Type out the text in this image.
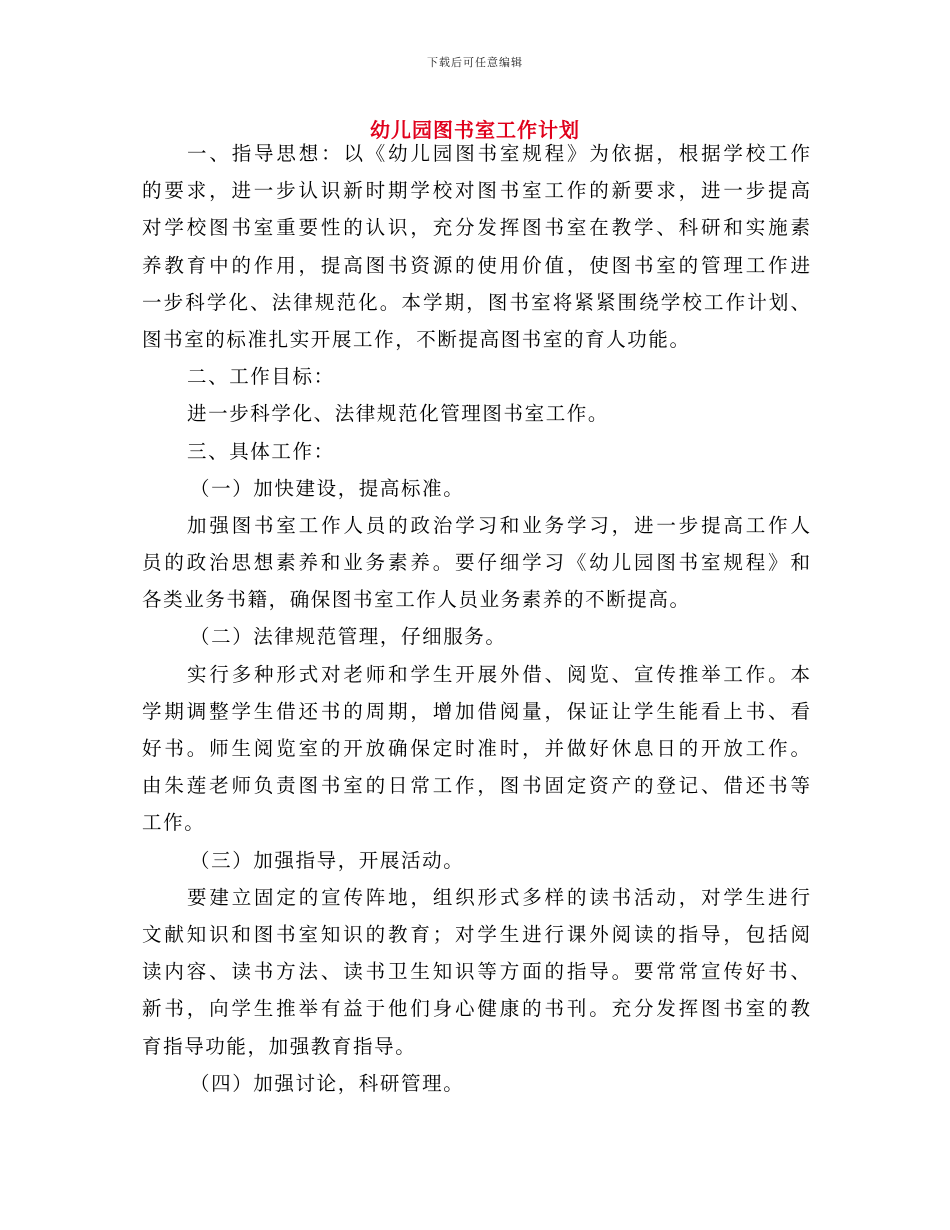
下载后可任意编辑
幼儿园图书室工作计划
一、指导思想：以《幼儿园图书室规程》为依据，根据学校工作
的要求，进一步认识新时期学校对图书室工作的新要求，进一步提高
对学校图书室重要性的认识，充分发挥图书室在教学、科研和实施素
养教育中的作用，提高图书资源的使用价值，使图书室的管理工作进
一步科学化、法律规范化。本学期，图书室将紧紧围绕学校工作计划、
图书室的标准扎实开展工作，不断提高图书室的育人功能。
二、工作目标：
进一步科学化、法律规范化管理图书室工作。
三、具体工作：
（一）加快建设，提高标准。
加强图书室工作人员的政治学习和业务学习，进一步提高工作人
员的政治思想素养和业务素养。要仔细学习《幼儿园图书室规程》和
各类业务书籍，确保图书室工作人员业务素养的不断提高。
（二）法律规范管理，仔细服务。
实行多种形式对老师和学生开展外借、阅览、宣传推举工作。本
学期调整学生借还书的周期，增加借阅量，保证让学生能看上书、看
好书。师生阅览室的开放确保定时准时，并做好休息日的开放工作。
由朱莲老师负责图书室的日常工作，图书固定资产的登记、借还书等
工作。
（三）加强指导，开展活动。
要建立固定的宣传阵地，组织形式多样的读书活动，对学生进行
文献知识和图书室知识的教育；对学生进行课外阅读的指导，包括阅
读内容、读书方法、读书卫生知识等方面的指导。要常常宣传好书、
新书，向学生推举有益于他们身心健康的书刊。充分发挥图书室的教
育指导功能，加强教育指导。
（四）加强讨论，科研管理。
